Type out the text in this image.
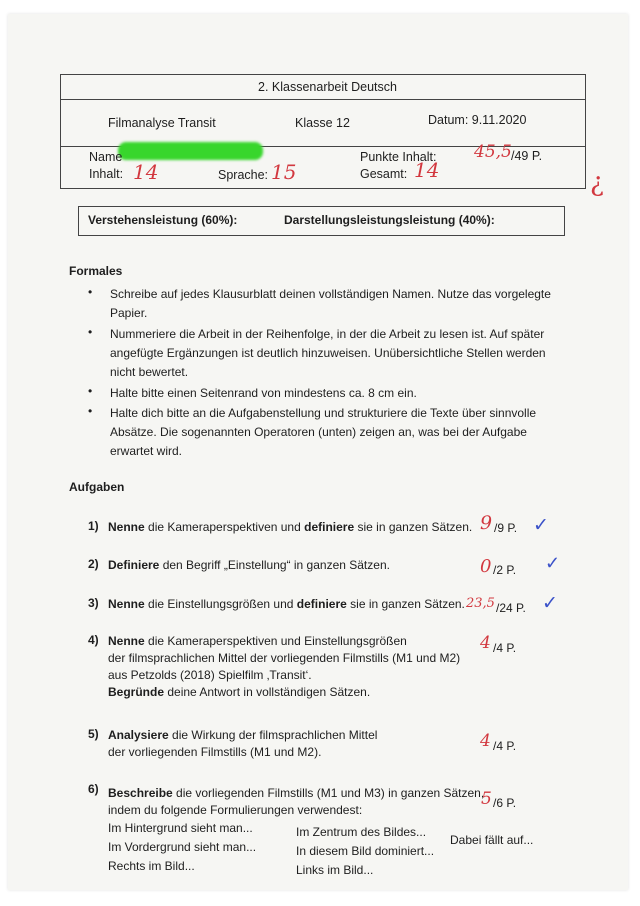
2. Klassenarbeit Deutsch
Filmanalyse Transit	Klasse 12	Datum: 9.11.2020
Name
Inhalt: 14	Sprache: 15
Punkte Inhalt: 45,5 /49 P.
Gesamt: 14	¿
Verstehensleistung (60%):	Darstellungsleistungsleistung (40%):
Formales
• Schreibe auf jedes Klausurblatt deinen vollständigen Namen. Nutze das vorgelegte
Papier.
• Nummeriere die Arbeit in der Reihenfolge, in der die Arbeit zu lesen ist. Auf später
angefügte Ergänzungen ist deutlich hinzuweisen. Unübersichtliche Stellen werden
nicht bewertet.
• Halte bitte einen Seitenrand von mindestens ca. 8 cm ein.
• Halte dich bitte an die Aufgabenstellung und strukturiere die Texte über sinnvolle
Absätze. Die sogenannten Operatoren (unten) zeigen an, was bei der Aufgabe
erwartet wird.
Aufgaben
1) Nenne die Kameraperspektiven und definiere sie in ganzen Sätzen. 9 /9 P. ✓
2) Definiere den Begriff „Einstellung“ in ganzen Sätzen.	0 /2 P. ✓
3) Nenne die Einstellungsgrößen und definiere sie in ganzen Sätzen. 23,5 /24 P. ✓
4) Nenne die Kameraperspektiven und Einstellungsgrößen
der filmsprachlichen Mittel der vorliegenden Filmstills (M1 und M2)
aus Petzolds (2018) Spielfilm ‚Transit‘.
Begründe deine Antwort in vollständigen Sätzen.
4 /4 P.
5) Analysiere die Wirkung der filmsprachlichen Mittel
der vorliegenden Filmstills (M1 und M2).
4 /4 P.
6) Beschreibe die vorliegenden Filmstills (M1 und M3) in ganzen Sätzen,
indem du folgende Formulierungen verwendest:
5 /6 P.
Im Hintergrund sieht man...
Im Vordergrund sieht man...
Rechts im Bild...
Im Zentrum des Bildes...
In diesem Bild dominiert...
Links im Bild...
Dabei fällt auf...
